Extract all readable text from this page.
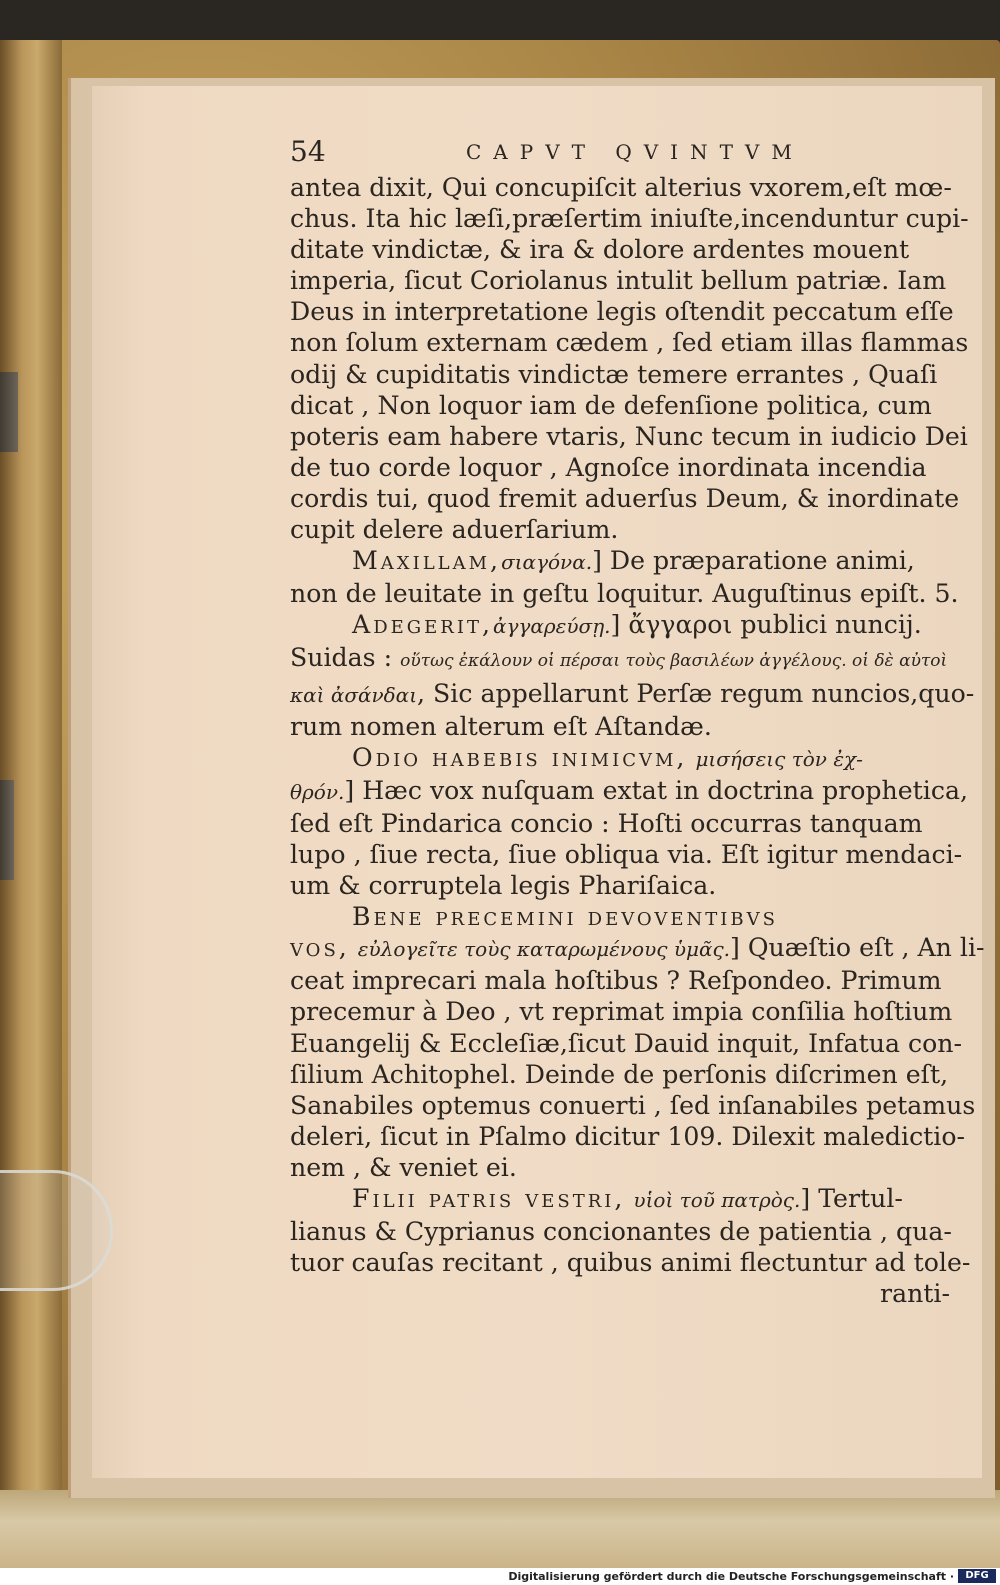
54	CAPVT QVINTVM

antea dixit, Qui concupiſcit alterius vxorem,eſt mœ-

chus. Ita hic læſi,præſertim iniuſte,incenduntur cupi-

ditate vindictæ, & ira & dolore ardentes mouent

imperia, ſicut Coriolanus intulit bellum patriæ. Iam

Deus in interpretatione legis oſtendit peccatum eſſe

non ſolum externam cædem , ſed etiam illas flammas

odij & cupiditatis vindictæ temere errantes , Quaſi

dicat , Non loquor iam de defenſione politica, cum

poteris eam habere vtaris, Nunc tecum in iudicio Dei

de tuo corde loquor , Agnoſce inordinata incendia

cordis tui, quod fremit aduerſus Deum, & inordinate

cupit delere aduerſarium.

Maxillam,σιαγόνα.] De præparatione animi,

non de leuitate in geſtu loquitur. Auguſtinus epiſt. 5.

Adegerit,ἀγγαρεύσῃ.] ἄγγαροι publici nuncij.

Suidas : οὕτως ἐκάλουν οἱ πέρσαι τοὺς βασιλέων ἀγγέλους. οἱ δὲ αὐτοὶ

καὶ ἀσάνδαι, Sic appellarunt Perſæ regum nuncios,quo-

rum nomen alterum eſt Aſtandæ.

Odio habebis inimicvm, μισήσεις τὸν ἐχ-

θρόν.] Hæc vox nuſquam extat in doctrina prophetica,

ſed eſt Pindarica concio : Hoſti occurras tanquam

lupo , ſiue recta, ſiue obliqua via. Eſt igitur mendaci-

um & corruptela legis Phariſaica.

Bene precemini devoventibvs

vos, εὐλογεῖτε τοὺς καταρωμένους ὑμᾶς.] Quæſtio eſt , An li-

ceat imprecari mala hoſtibus ? Reſpondeo. Primum

precemur à Deo , vt reprimat impia conſilia hoſtium

Euangelij & Eccleſiæ,ſicut Dauid inquit, Infatua con-

ſilium Achitophel. Deinde de perſonis diſcrimen eſt,

Sanabiles optemus conuerti , ſed inſanabiles petamus

deleri, ſicut in Pſalmo dicitur 109. Dilexit maledictio-

nem , & veniet ei.

Filii patris vestri, υἱοὶ τοῦ πατρὸς.] Tertul-

lianus & Cyprianus concionantes de patientia , qua-

tuor cauſas recitant , quibus animi flectuntur ad tole-

ranti-

Digitalisierung gefördert durch die Deutsche Forschungsgemeinschaft ·	DFG
